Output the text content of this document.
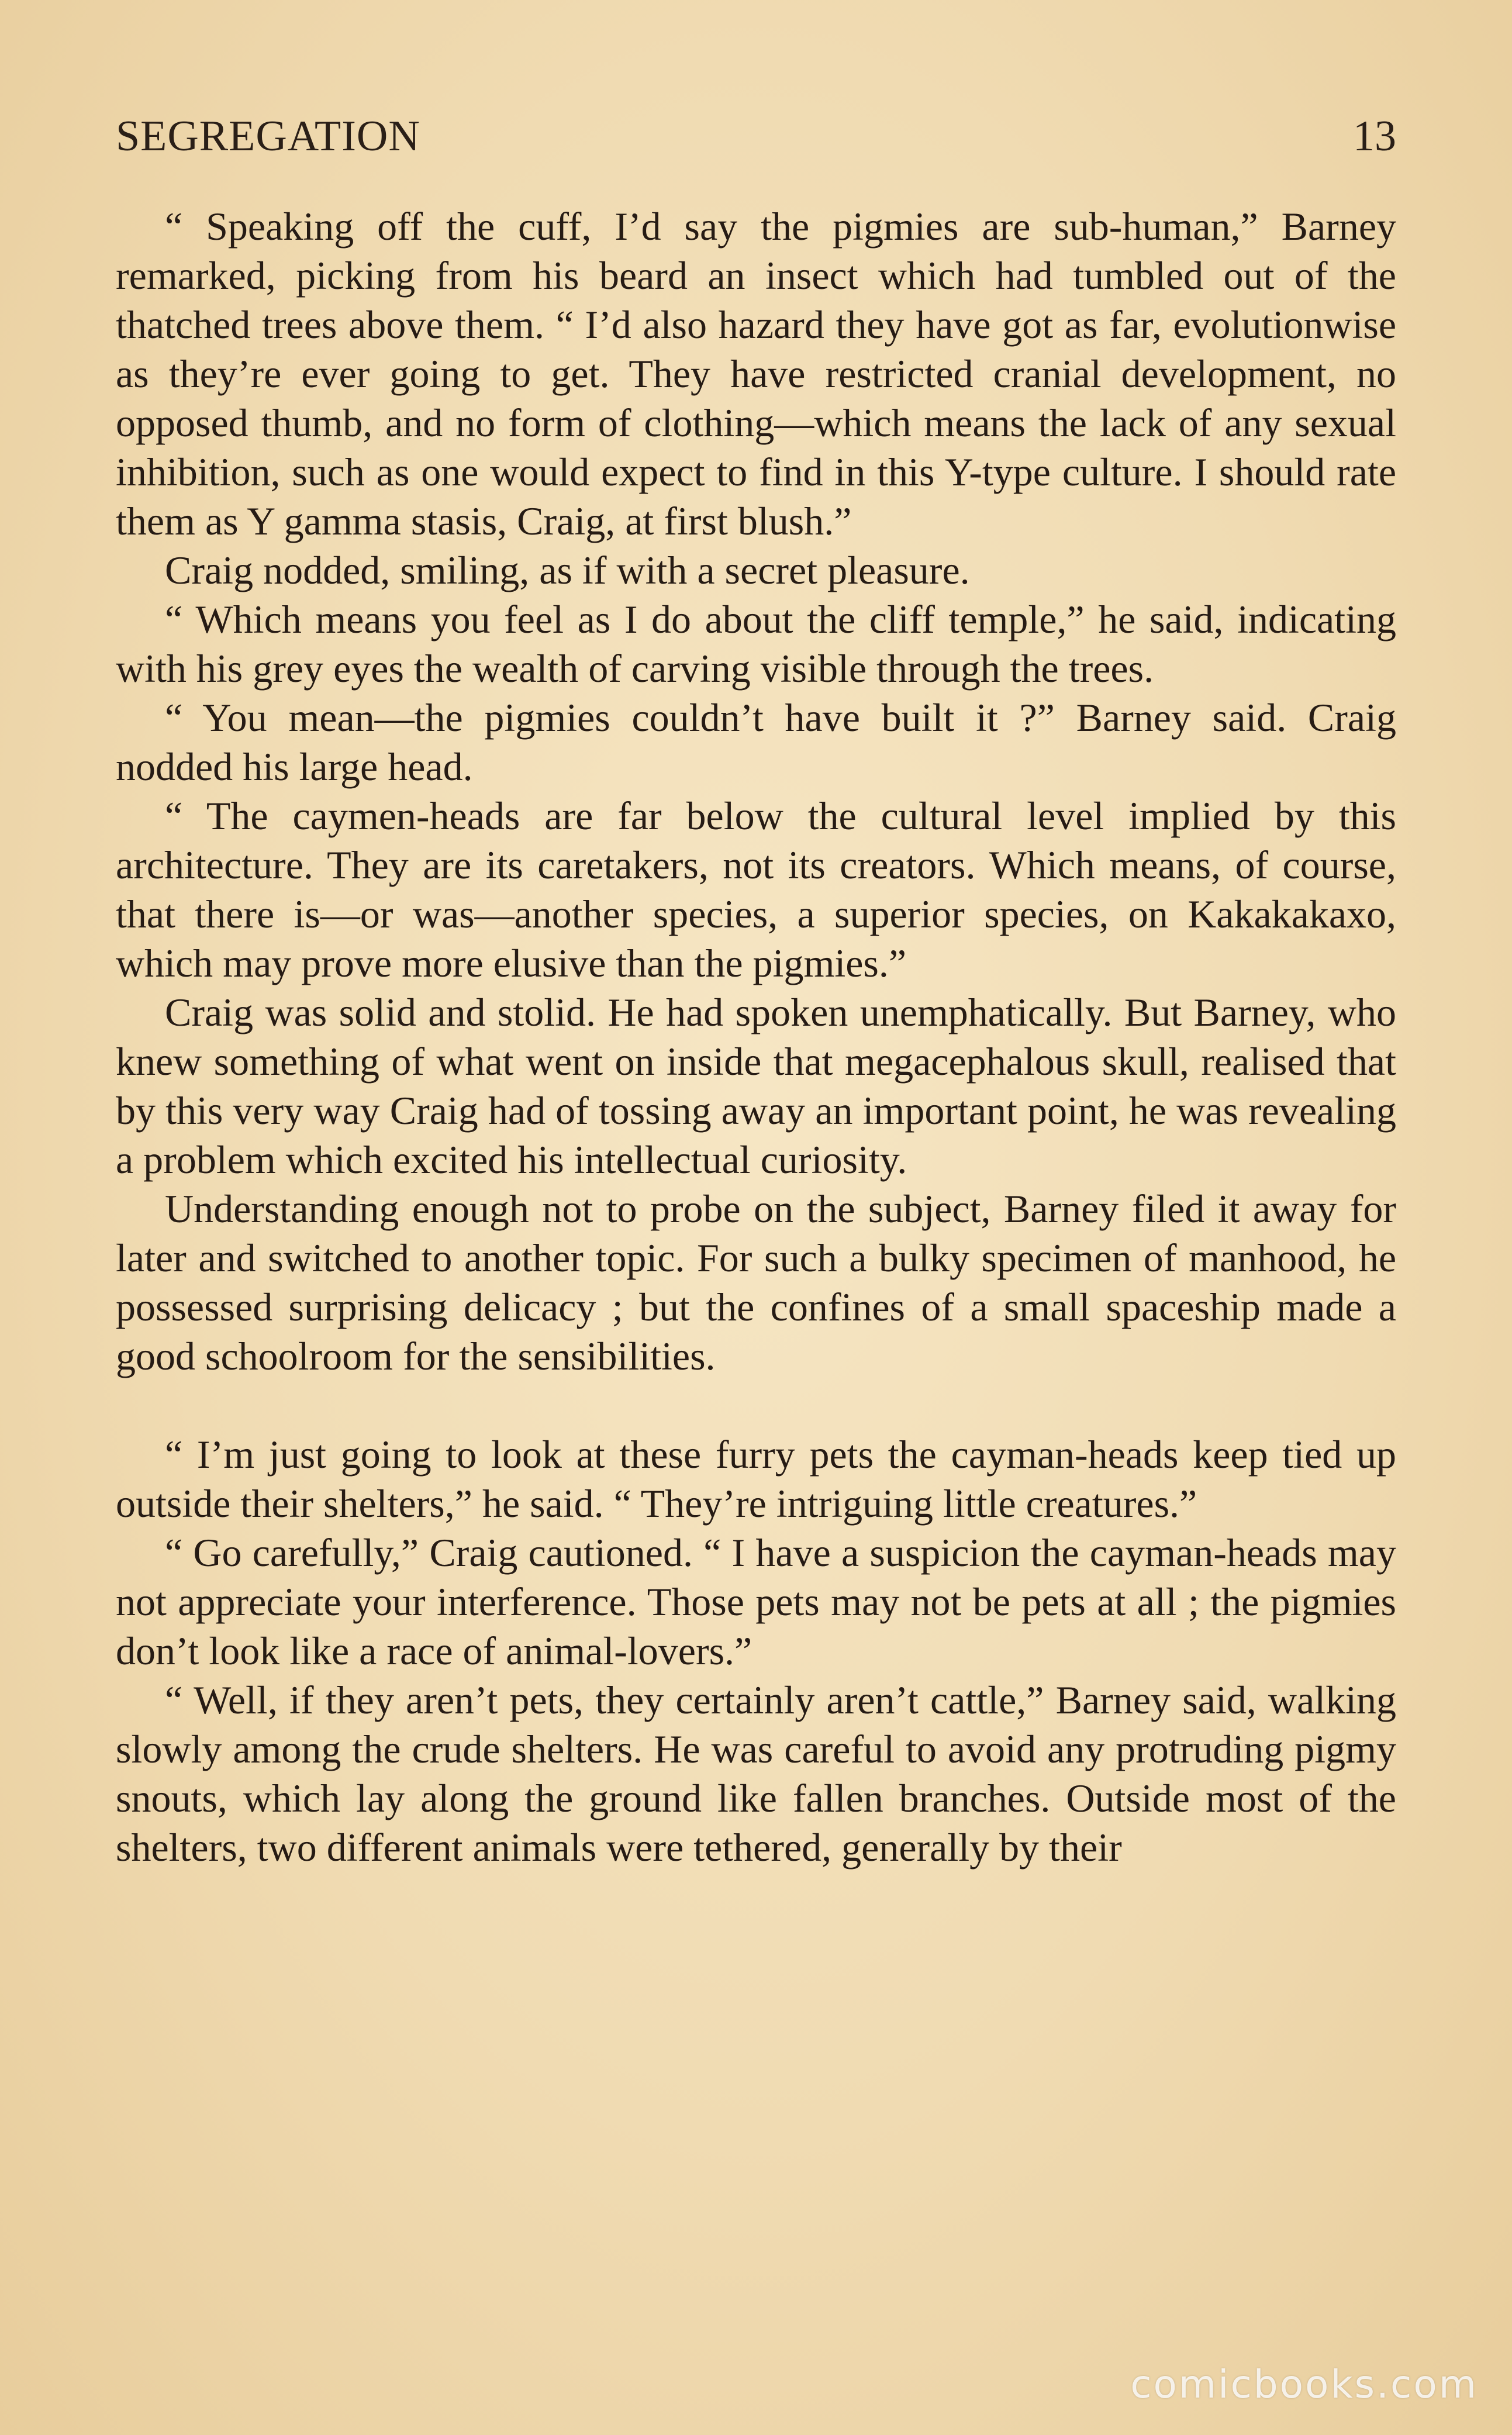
SEGREGATION	13

“ Speaking off the cuff, I’d say the pigmies are sub-human,” Barney remarked, picking from his beard an insect which had tumbled out of the thatched trees above them. “ I’d also hazard they have got as far, evolutionwise as they’re ever going to get. They have restricted cranial development, no opposed thumb, and no form of clothing—which means the lack of any sexual inhibition, such as one would expect to find in this Y-type culture. I should rate them as Y gamma stasis, Craig, at first blush.”

Craig nodded, smiling, as if with a secret pleasure.

“ Which means you feel as I do about the cliff temple,” he said, indicating with his grey eyes the wealth of carving visible through the trees.

“ You mean—the pigmies couldn’t have built it ?” Barney said. Craig nodded his large head.

“ The caymen-heads are far below the cultural level implied by this architecture. They are its caretakers, not its creators. Which means, of course, that there is—or was—another species, a superior species, on Kakakakaxo, which may prove more elusive than the pigmies.”

Craig was solid and stolid. He had spoken unemphatically. But Barney, who knew something of what went on inside that megacephalous skull, realised that by this very way Craig had of tossing away an important point, he was revealing a problem which excited his intellectual curiosity.

Understanding enough not to probe on the subject, Barney filed it away for later and switched to another topic. For such a bulky specimen of manhood, he possessed surprising delicacy ; but the confines of a small spaceship made a good schoolroom for the sensibilities.

“ I’m just going to look at these furry pets the cayman-heads keep tied up outside their shelters,” he said. “ They’re intriguing little creatures.”

“ Go carefully,” Craig cautioned. “ I have a suspicion the cayman-heads may not appreciate your interference. Those pets may not be pets at all ; the pigmies don’t look like a race of animal-lovers.”

“ Well, if they aren’t pets, they certainly aren’t cattle,” Barney said, walking slowly among the crude shelters. He was careful to avoid any protruding pigmy snouts, which lay along the ground like fallen branches. Outside most of the shelters, two different animals were tethered, generally by their

comicbooks.com
